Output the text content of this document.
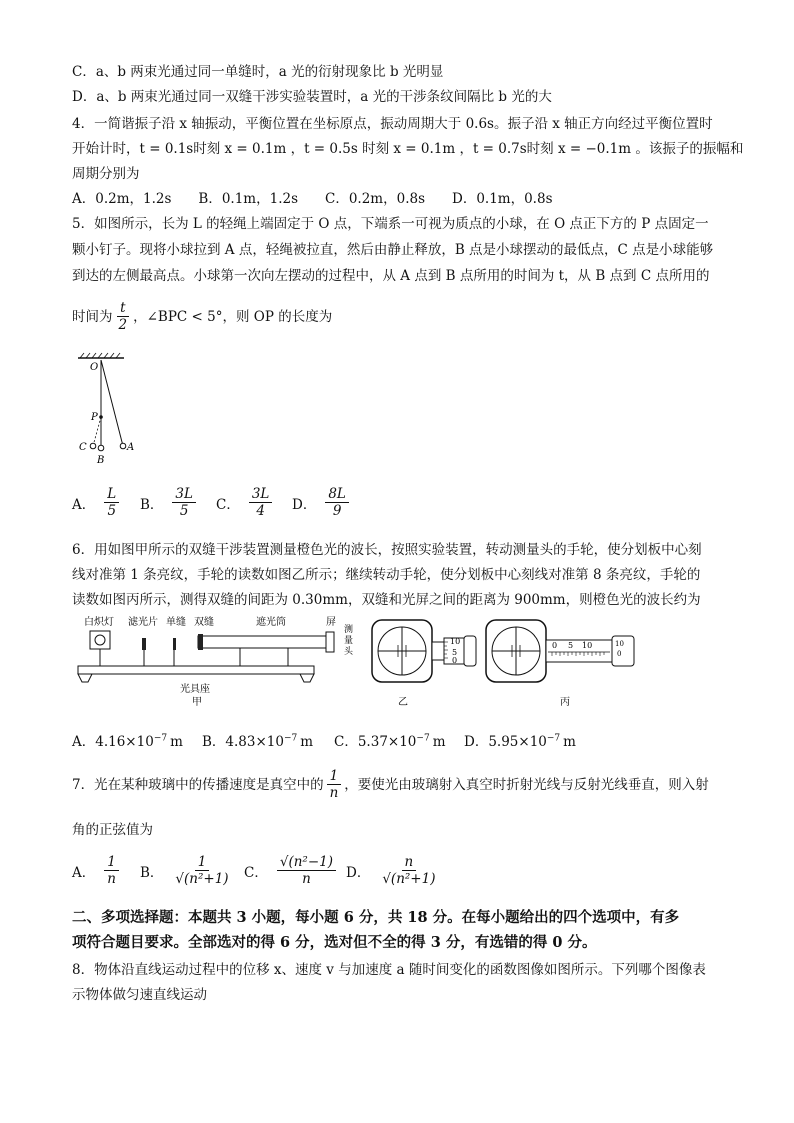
C．a、b 两束光通过同一单缝时，a 光的衍射现象比 b 光明显
D．a、b 两束光通过同一双缝干涉实验装置时，a 光的干涉条纹间隔比 b 光的大
4．一简谐振子沿 x 轴振动，平衡位置在坐标原点，振动周期大于 0.6s。振子沿 x 轴正方向经过平衡位置时
开始计时，t = 0.1s时刻 x = 0.1m ，t = 0.5s 时刻 x = 0.1m ，t = 0.7s时刻 x = −0.1m 。该振子的振幅和
周期分别为
A．0.2m，1.2s　　B．0.1m，1.2s　　C．0.2m，0.8s　　D．0.1m，0.8s
5．如图所示，长为 L 的轻绳上端固定于 O 点，下端系一可视为质点的小球，在 O 点正下方的 P 点固定一
颗小钉子。现将小球拉到 A 点，轻绳被拉直，然后由静止释放，B 点是小球摆动的最低点，C 点是小球能够
到达的左侧最高点。小球第一次向左摆动的过程中，从 A 点到 B 点所用的时间为 t，从 B 点到 C 点所用的
时间为 $\frac{t}{2}$ ，∠BPC < 5°，则 OP 的长度为
O
P
C
B
A
A． $\frac{L}{5}$ B． $\frac{3L}{5}$ C． $\frac{3L}{4}$ D． $\frac{8L}{9}$
6．用如图甲所示的双缝干涉装置测量橙色光的波长，按照实验装置，转动测量头的手轮，使分划板中心刻
线对准第 1 条亮纹，手轮的读数如图乙所示；继续转动手轮，使分划板中心刻线对准第 8 条亮纹，手轮的
读数如图丙所示，测得双缝的间距为 0.30mm，双缝和光屏之间的距离为 900mm，则橙色光的波长约为
白炽灯 滤光片 单缝 双缝	遮光筒	屏
测
量
头
光具座
甲
10
5
0
乙
0 5 10	10
0
丙
A．$4.16\times 10^{-7}$ m B．$4.83\times 10^{-7}$ m C．$5.37\times 10^{-7}$ m D．$5.95\times 10^{-7}$ m
7．光在某种玻璃中的传播速度是真空中的 $\frac{1}{n}$ ，要使光由玻璃射入真空时折射光线与反射光线垂直，则入射
角的正弦值为
A． $\frac{1}{n}$ B． $\frac{1}{\text{√(n²+1)}}$ C． $\frac{\text{√(n²−1)}}{n}$ D． $\frac{n}{\text{√(n²+1)}}$
二、多项选择题：本题共 3 小题，每小题 6 分，共 18 分。在每小题给出的四个选项中，有多
项符合题目要求。全部选对的得 6 分，选对但不全的得 3 分，有选错的得 0 分。
8．物体沿直线运动过程中的位移 x、速度 v 与加速度 a 随时间变化的函数图像如图所示。下列哪个图像表
示物体做匀速直线运动
